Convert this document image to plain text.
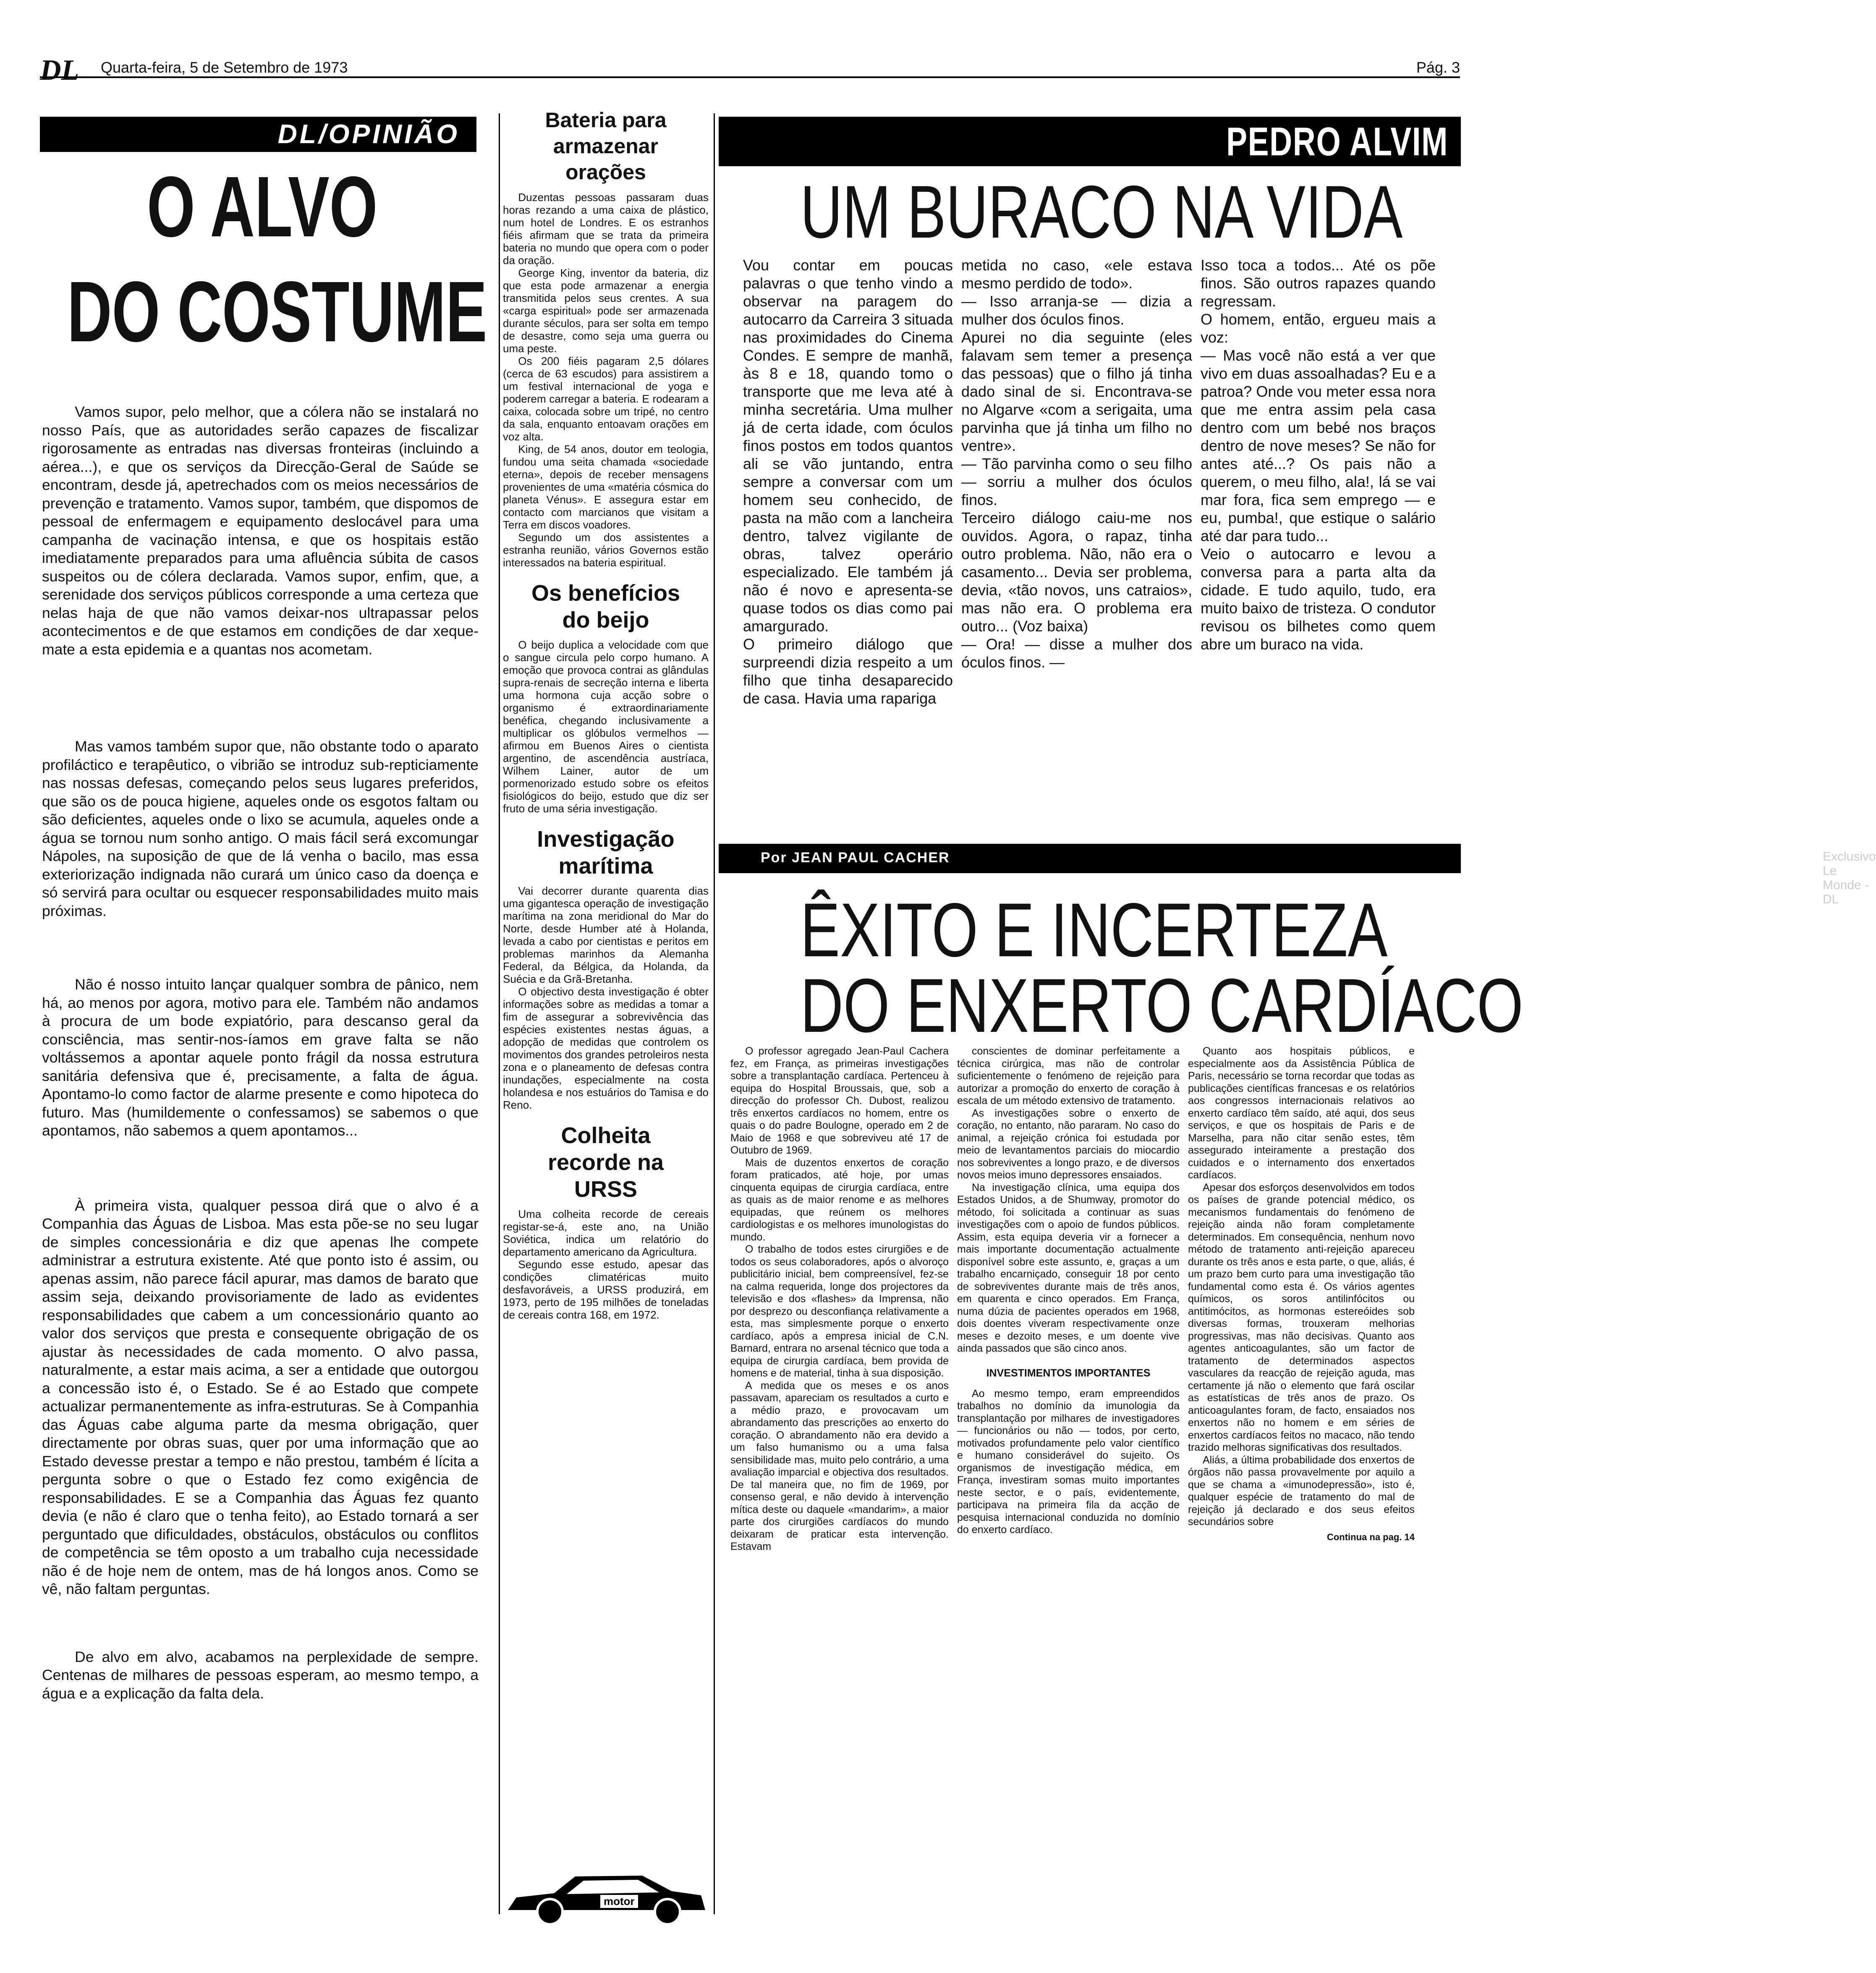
DL Quarta-feira, 5 de Setembro de 1973	Pág. 3
DL/OPINIÃO
O ALVO
DO COSTUME

Vamos supor, pelo melhor, que a cólera não se instalará no nosso País, que as autoridades serão capazes de fiscalizar rigorosamente as entradas nas diversas fronteiras (incluindo a aérea...), e que os serviços da Direcção-Geral de Saúde se encontram, desde já, apetrechados com os meios necessários de prevenção e tratamento. Vamos supor, também, que dispomos de pessoal de enfermagem e equipamento deslocável para uma campanha de vacinação intensa, e que os hospitais estão imediatamente preparados para uma afluência súbita de casos suspeitos ou de cólera declarada. Vamos supor, enfim, que, a serenidade dos serviços públicos corresponde a uma certeza que nelas haja de que não vamos deixar-nos ultrapassar pelos acontecimentos e de que estamos em condições de dar xeque-mate a esta epidemia e a quantas nos acometam.

Mas vamos também supor que, não obstante todo o aparato profiláctico e terapêutico, o vibrião se introduz sub-repticiamente nas nossas defesas, começando pelos seus lugares preferidos, que são os de pouca higiene, aqueles onde os esgotos faltam ou são deficientes, aqueles onde o lixo se acumula, aqueles onde a água se tornou num sonho antigo. O mais fácil será excomungar Nápoles, na suposição de que de lá venha o bacilo, mas essa exteriorização indignada não curará um único caso da doença e só servirá para ocultar ou esquecer responsabilidades muito mais próximas.

Não é nosso intuito lançar qualquer sombra de pânico, nem há, ao menos por agora, motivo para ele. Também não andamos à procura de um bode expiatório, para descanso geral da consciência, mas sentir-nos-íamos em grave falta se não voltássemos a apontar aquele ponto frágil da nossa estrutura sanitária defensiva que é, precisamente, a falta de água. Apontamo-lo como factor de alarme presente e como hipoteca do futuro. Mas (humildemente o confessamos) se sabemos o que apontamos, não sabemos a quem apontamos...

À primeira vista, qualquer pessoa dirá que o alvo é a Companhia das Águas de Lisboa. Mas esta põe-se no seu lugar de simples concessionária e diz que apenas lhe compete administrar a estrutura existente. Até que ponto isto é assim, ou apenas assim, não parece fácil apurar, mas damos de barato que assim seja, deixando provisoriamente de lado as evidentes responsabilidades que cabem a um concessionário quanto ao valor dos serviços que presta e consequente obrigação de os ajustar às necessidades de cada momento. O alvo passa, naturalmente, a estar mais acima, a ser a entidade que outorgou a concessão isto é, o Estado. Se é ao Estado que compete actualizar permanentemente as infra-estruturas. Se à Companhia das Águas cabe alguma parte da mesma obrigação, quer directamente por obras suas, quer por uma informação que ao Estado devesse prestar a tempo e não prestou, também é lícita a pergunta sobre o que o Estado fez como exigência de responsabilidades. E se a Companhia das Águas fez quanto devia (e não é claro que o tenha feito), ao Estado tornará a ser perguntado que dificuldades, obstáculos, obstáculos ou conflitos de competência se têm oposto a um trabalho cuja necessidade não é de hoje nem de ontem, mas de há longos anos. Como se vê, não faltam perguntas.

De alvo em alvo, acabamos na perplexidade de sempre. Centenas de milhares de pessoas esperam, ao mesmo tempo, a água e a explicação da falta dela.

Bateria para armazenar orações

Duzentas pessoas passaram duas horas rezando a uma caixa de plástico, num hotel de Londres. E os estranhos fiéis afirmam que se trata da primeira bateria no mundo que opera com o poder da oração.

George King, inventor da bateria, diz que esta pode armazenar a energia transmitida pelos seus crentes. A sua «carga espiritual» pode ser armazenada durante séculos, para ser solta em tempo de desastre, como seja uma guerra ou uma peste.

Os 200 fiéis pagaram 2,5 dólares (cerca de 63 escudos) para assistirem a um festival internacional de yoga e poderem carregar a bateria. E rodearam a caixa, colocada sobre um tripé, no centro da sala, enquanto entoavam orações em voz alta.

King, de 54 anos, doutor em teologia, fundou uma seita chamada «sociedade eterna», depois de receber mensagens provenientes de uma «matéria cósmica do planeta Vénus». E assegura estar em contacto com marcianos que visitam a Terra em discos voadores.

Segundo um dos assistentes a estranha reunião, vários Governos estão interessados na bateria espiritual.

Os benefícios do beijo

O beijo duplica a velocidade com que o sangue circula pelo corpo humano. A emoção que provoca contrai as glândulas supra-renais de secreção interna e liberta uma hormona cuja acção sobre o organismo é extraordinariamente benéfica, chegando inclusivamente a multiplicar os glóbulos vermelhos — afirmou em Buenos Aires o cientista argentino, de ascendência austríaca, Wilhem Lainer, autor de um pormenorizado estudo sobre os efeitos fisiológicos do beijo, estudo que diz ser fruto de uma séria investigação.

Investigação marítima

Vai decorrer durante quarenta dias uma gigantesca operação de investigação marítima na zona meridional do Mar do Norte, desde Humber até à Holanda, levada a cabo por cientistas e peritos em problemas marinhos da Alemanha Federal, da Bélgica, da Holanda, da Suécia e da Grã-Bretanha.

O objectivo desta investigação é obter informações sobre as medidas a tomar a fim de assegurar a sobrevivência das espécies existentes nestas águas, a adopção de medidas que controlem os movimentos dos grandes petroleiros nesta zona e o planeamento de defesas contra inundações, especialmente na costa holandesa e nos estuários do Tamisa e do Reno.

Colheita recorde na URSS

Uma colheita recorde de cereais registar-se-á, este ano, na União Soviética, indica um relatório do departamento americano da Agricultura.

Segundo esse estudo, apesar das condições climatéricas muito desfavoráveis, a URSS produzirá, em 1973, perto de 195 milhões de toneladas de cereais contra 168, em 1972.

motor
PEDRO ALVIM
UM BURACO NA VIDA
Vou contar em poucas palavras o que tenho vindo a observar na paragem do autocarro da Carreira 3 situada nas proximidades do Cinema Condes. E sempre de manhã, às 8 e 18, quando tomo o transporte que me leva até à minha secretária. Uma mulher já de certa idade, com óculos finos postos em todos quantos ali se vão juntando, entra sempre a conversar com um homem seu conhecido, de pasta na mão com a lancheira dentro, talvez vigilante de obras, talvez operário especializado. Ele também já não é novo e apresenta-se quase todos os dias como pai amargurado.
O primeiro diálogo que surpreendi dizia respeito a um filho que tinha desaparecido de casa. Havia uma rapariga
metida no caso, «ele estava mesmo perdido de todo».
— Isso arranja-se — dizia a mulher dos óculos finos.
Apurei no dia seguinte (eles falavam sem temer a presença das pessoas) que o filho já tinha dado sinal de si. Encontrava-se no Algarve «com a serigaita, uma parvinha que já tinha um filho no ventre».
— Tão parvinha como o seu filho — sorriu a mulher dos óculos finos.
Terceiro diálogo caiu-me nos ouvidos. Agora, o rapaz, tinha outro problema. Não, não era o casamento... Devia ser problema, devia, «tão novos, uns catraios», mas não era. O problema era outro... (Voz baixa)
— Ora! — disse a mulher dos óculos finos. —
Isso toca a todos... Até os põe finos. São outros rapazes quando regressam.
O homem, então, ergueu mais a voz:
— Mas você não está a ver que vivo em duas assoalhadas? Eu e a patroa? Onde vou meter essa nora que me entra assim pela casa dentro com um bebé nos braços dentro de nove meses? Se não for antes até...? Os pais não a querem, o meu filho, ala!, lá se vai mar fora, fica sem emprego — e eu, pumba!, que estique o salário até dar para tudo...
Veio o autocarro e levou a conversa para a parta alta da cidade. E tudo aquilo, tudo, era muito baixo de tristeza. O condutor revisou os bilhetes como quem abre um buraco na vida.
Por JEAN PAUL CACHER	Exclusivo Le Monde - DL
ÊXITO E INCERTEZA
DO ENXERTO CARDÍACO

O professor agregado Jean-Paul Cachera fez, em França, as primeiras investigações sobre a transplantação cardíaca. Pertenceu à equipa do Hospital Broussais, que, sob a direcção do professor Ch. Dubost, realizou três enxertos cardíacos no homem, entre os quais o do padre Boulogne, operado em 2 de Maio de 1968 e que sobreviveu até 17 de Outubro de 1969.

Mais de duzentos enxertos de coração foram praticados, até hoje, por umas cinquenta equipas de cirurgia cardíaca, entre as quais as de maior renome e as melhores equipadas, que reúnem os melhores cardiologistas e os melhores imunologistas do mundo.

O trabalho de todos estes cirurgiões e de todos os seus colaboradores, após o alvoroço publicitário inicial, bem compreensível, fez-se na calma requerida, longe dos projectores da televisão e dos «flashes» da Imprensa, não por desprezo ou desconfiança relativamente a esta, mas simplesmente porque o enxerto cardíaco, após a empresa inicial de C.N. Barnard, entrara no arsenal técnico que toda a equipa de cirurgia cardíaca, bem provida de homens e de material, tinha à sua disposição.

A medida que os meses e os anos passavam, apareciam os resultados a curto e a médio prazo, e provocavam um abrandamento das prescrições ao enxerto do coração. O abrandamento não era devido a um falso humanismo ou a uma falsa sensibilidade mas, muito pelo contrário, a uma avaliação imparcial e objectiva dos resultados. De tal maneira que, no fim de 1969, por consenso geral, e não devido à intervenção mítica deste ou daquele «mandarim», a maior parte dos cirurgiões cardíacos do mundo deixaram de praticar esta intervenção. Estavam

conscientes de dominar perfeitamente a técnica cirúrgica, mas não de controlar suficientemente o fenómeno de rejeição para autorizar a promoção do enxerto de coração à escala de um método extensivo de tratamento.

As investigações sobre o enxerto de coração, no entanto, não pararam. No caso do animal, a rejeição crónica foi estudada por meio de levantamentos parciais do miocardio nos sobreviventes a longo prazo, e de diversos novos meios imuno depressores ensaiados.

Na investigação clínica, uma equipa dos Estados Unidos, a de Shumway, promotor do método, foi solicitada a continuar as suas investigações com o apoio de fundos públicos. Assim, esta equipa deveria vir a fornecer a mais importante documentação actualmente disponível sobre este assunto, e, graças a um trabalho encarniçado, conseguir 18 por cento de sobreviventes durante mais de três anos, em quarenta e cinco operados. Em França, numa dúzia de pacientes operados em 1968, dois doentes viveram respectivamente onze meses e dezoito meses, e um doente vive ainda passados que são cinco anos.

INVESTIMENTOS IMPORTANTES

Ao mesmo tempo, eram empreendidos trabalhos no domínio da imunologia da transplantação por milhares de investigadores — funcionários ou não — todos, por certo, motivados profundamente pelo valor científico e humano considerável do sujeito. Os organismos de investigação médica, em França, investiram somas muito importantes neste sector, e o país, evidentemente, participava na primeira fila da acção de pesquisa internacional conduzida no domínio do enxerto cardíaco.

Quanto aos hospitais públicos, e especialmente aos da Assistência Pública de Paris, necessário se torna recordar que todas as publicações científicas francesas e os relatórios aos congressos internacionais relativos ao enxerto cardíaco têm saído, até aqui, dos seus serviços, e que os hospitais de Paris e de Marselha, para não citar senão estes, têm assegurado inteiramente a prestação dos cuidados e o internamento dos enxertados cardíacos.

Apesar dos esforços desenvolvidos em todos os países de grande potencial médico, os mecanismos fundamentais do fenómeno de rejeição ainda não foram completamente determinados. Em consequência, nenhum novo método de tratamento anti-rejeição apareceu durante os três anos e esta parte, o que, aliás, é um prazo bem curto para uma investigação tão fundamental como esta é. Os vários agentes químicos, os soros antilinfócitos ou antitimócitos, as hormonas estereóides sob diversas formas, trouxeram melhorias progressivas, mas não decisivas. Quanto aos agentes anticoagulantes, são um factor de tratamento de determinados aspectos vasculares da reacção de rejeição aguda, mas certamente já não o elemento que fará oscilar as estatísticas de três anos de prazo. Os anticoagulantes foram, de facto, ensaiados nos enxertos não no homem e em séries de enxertos cardíacos feitos no macaco, não tendo trazido melhoras significativas dos resultados.

Aliás, a última probabilidade dos enxertos de órgãos não passa provavelmente por aquilo a que se chama a «imunodepressão», isto é, qualquer espécie de tratamento do mal de rejeição já declarado e dos seus efeitos secundários sobre

Continua na pag. 14
